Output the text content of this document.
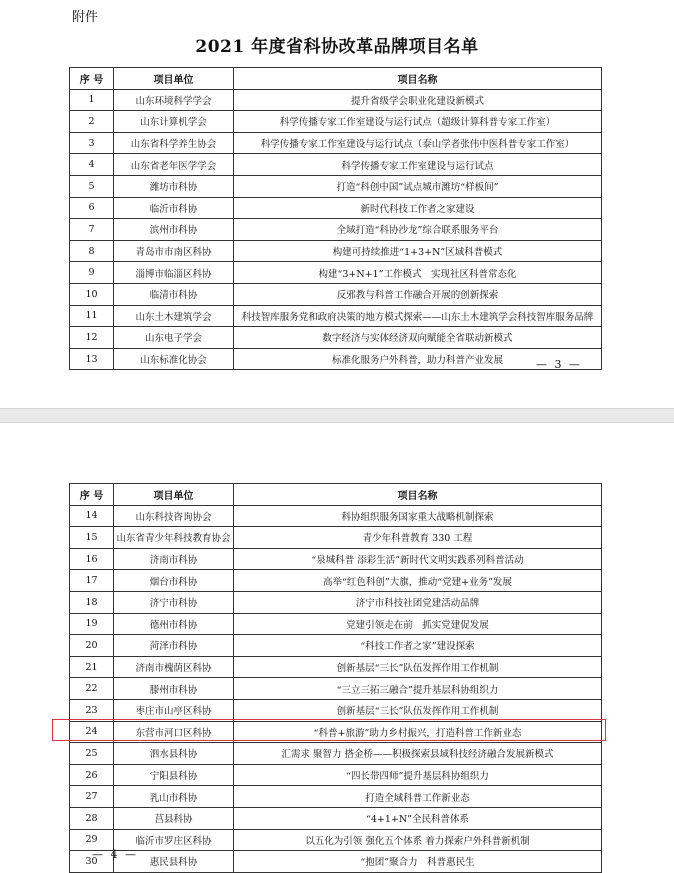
附件
2021 年度省科协改革品牌项目名单
序 号	项目单位	项目名称
1	山东环境科学学会	提升省级学会职业化建设新模式
2	山东计算机学会	科学传播专家工作室建设与运行试点（超级计算科普专家工作室）
3	山东省科学养生协会	科学传播专家工作室建设与运行试点（泰山学者张伟中医科普专家工作室）
4	山东省老年医学学会	科学传播专家工作室建设与运行试点
5	潍坊市科协	打造“科创中国”试点城市潍坊“样板间”
6	临沂市科协	新时代科技工作者之家建设
7	滨州市科协	全域打造“科协沙龙”综合联系服务平台
8	青岛市市南区科协	构建可持续推进“1+3+N”区域科普模式
9	淄博市临淄区科协	构建“3+N+1”工作模式　实现社区科普常态化
10	临清市科协	反邪教与科普工作融合开展的创新探索
11	山东土木建筑学会	科技智库服务党和政府决策的地方模式探索——山东土木建筑学会科技智库服务品牌
12	山东电子学会	数字经济与实体经济双向赋能全省联动新模式
13	山东标准化协会	标准化服务户外科普，助力科普产业发展	— 3 —
序 号	项目单位	项目名称
14	山东科技咨询协会	科协组织服务国家重大战略机制探索
15	山东省青少年科技教育协会	青少年科普教育 330 工程
16	济南市科协	“泉城科普 添彩生活”新时代文明实践系列科普活动
17	烟台市科协	高举“红色科创”大旗，推动“党建+业务”发展
18	济宁市科协	济宁市科技社团党建活动品牌
19	德州市科协	党建引领走在前　抓实党建促发展
20	菏泽市科协	“科技工作者之家”建设探索
21	济南市槐荫区科协	创新基层“三长”队伍发挥作用工作机制
22	滕州市科协	“三立三拓三融合”提升基层科协组织力
23	枣庄市山亭区科协	创新基层“三长”队伍发挥作用工作机制
24	东营市河口区科协	“科普+旅游”助力乡村振兴，打造科普工作新业态
25	泗水县科协	汇需求 聚智力 搭金桥——积极探索县域科技经济融合发展新模式
26	宁阳县科协	“四长带四师”提升基层科协组织力
27	乳山市科协	打造全域科普工作新业态
28	莒县科协	“4+1+N”全民科普体系
29	临沂市罗庄区科协	以五化为引领 强化五个体系 着力探索户外科普新机制
30	惠民县科协	“抱团”聚合力　科普惠民生
— 4 —
